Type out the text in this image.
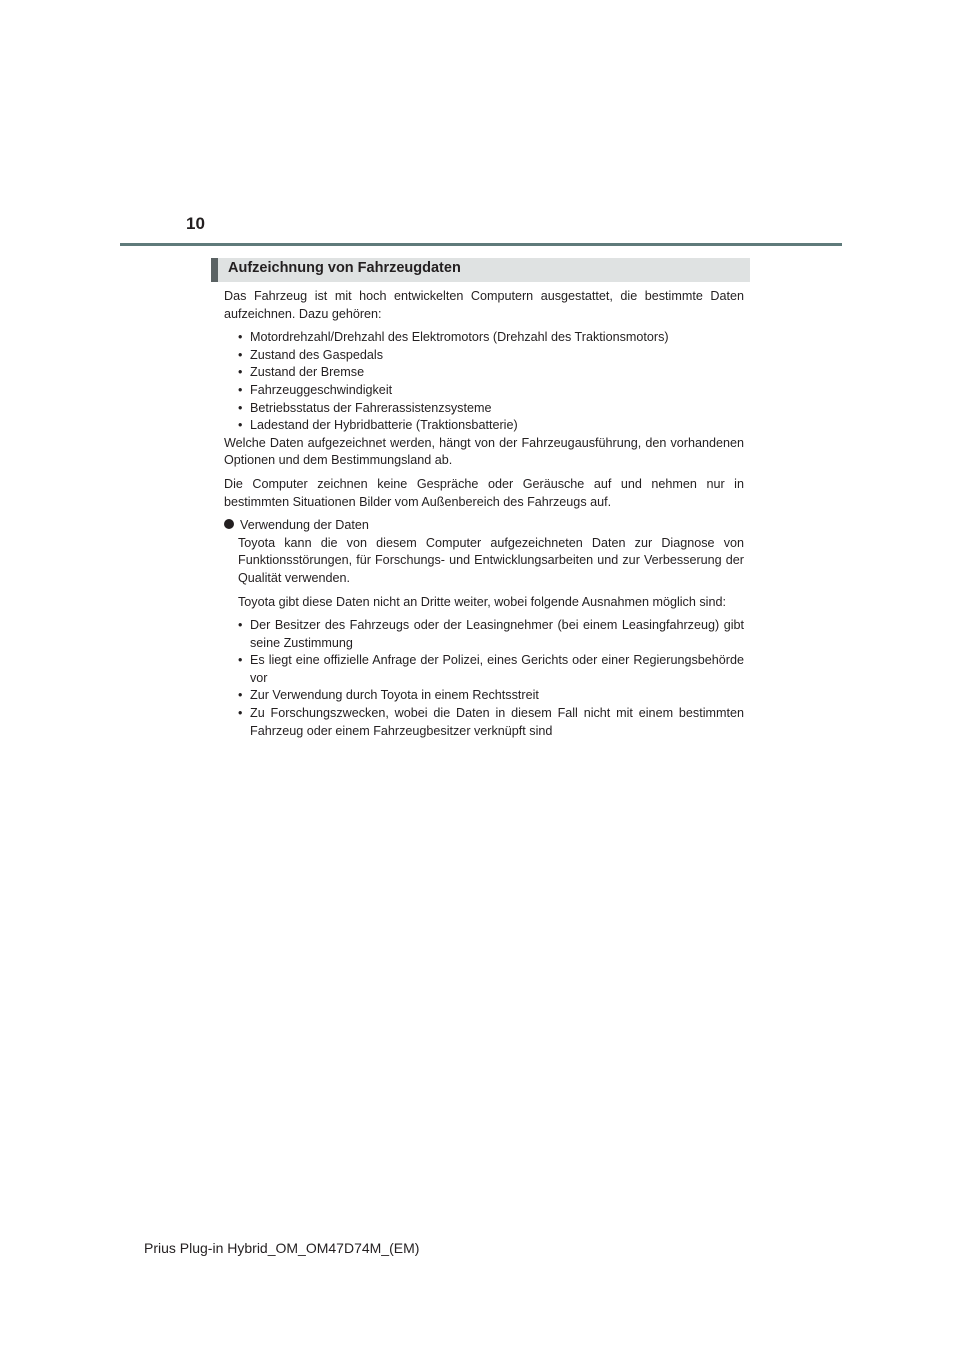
10
Aufzeichnung von Fahrzeugdaten

Das Fahrzeug ist mit hoch entwickelten Computern ausgestattet, die bestimmte Daten aufzeichnen. Dazu gehören:

• Motordrehzahl/Drehzahl des Elektromotors (Drehzahl des Traktionsmotors)
• Zustand des Gaspedals
• Zustand der Bremse
• Fahrzeuggeschwindigkeit
• Betriebsstatus der Fahrerassistenzsysteme
• Ladestand der Hybridbatterie (Traktionsbatterie)

Welche Daten aufgezeichnet werden, hängt von der Fahrzeugausführung, den vorhandenen Optionen und dem Bestimmungsland ab.

Die Computer zeichnen keine Gespräche oder Geräusche auf und nehmen nur in bestimmten Situationen Bilder vom Außenbereich des Fahrzeugs auf.

Verwendung der Daten

Toyota kann die von diesem Computer aufgezeichneten Daten zur Diagnose von Funktionsstörungen, für Forschungs- und Entwicklungsarbeiten und zur Verbesserung der Qualität verwenden.

Toyota gibt diese Daten nicht an Dritte weiter, wobei folgende Ausnahmen möglich sind:

• Der Besitzer des Fahrzeugs oder der Leasingnehmer (bei einem Leasingfahrzeug) gibt seine Zustimmung
• Es liegt eine offizielle Anfrage der Polizei, eines Gerichts oder einer Regierungsbehörde vor
• Zur Verwendung durch Toyota in einem Rechtsstreit
• Zu Forschungszwecken, wobei die Daten in diesem Fall nicht mit einem bestimmten Fahrzeug oder einem Fahrzeugbesitzer verknüpft sind
Prius Plug-in Hybrid_OM_OM47D74M_(EM)
